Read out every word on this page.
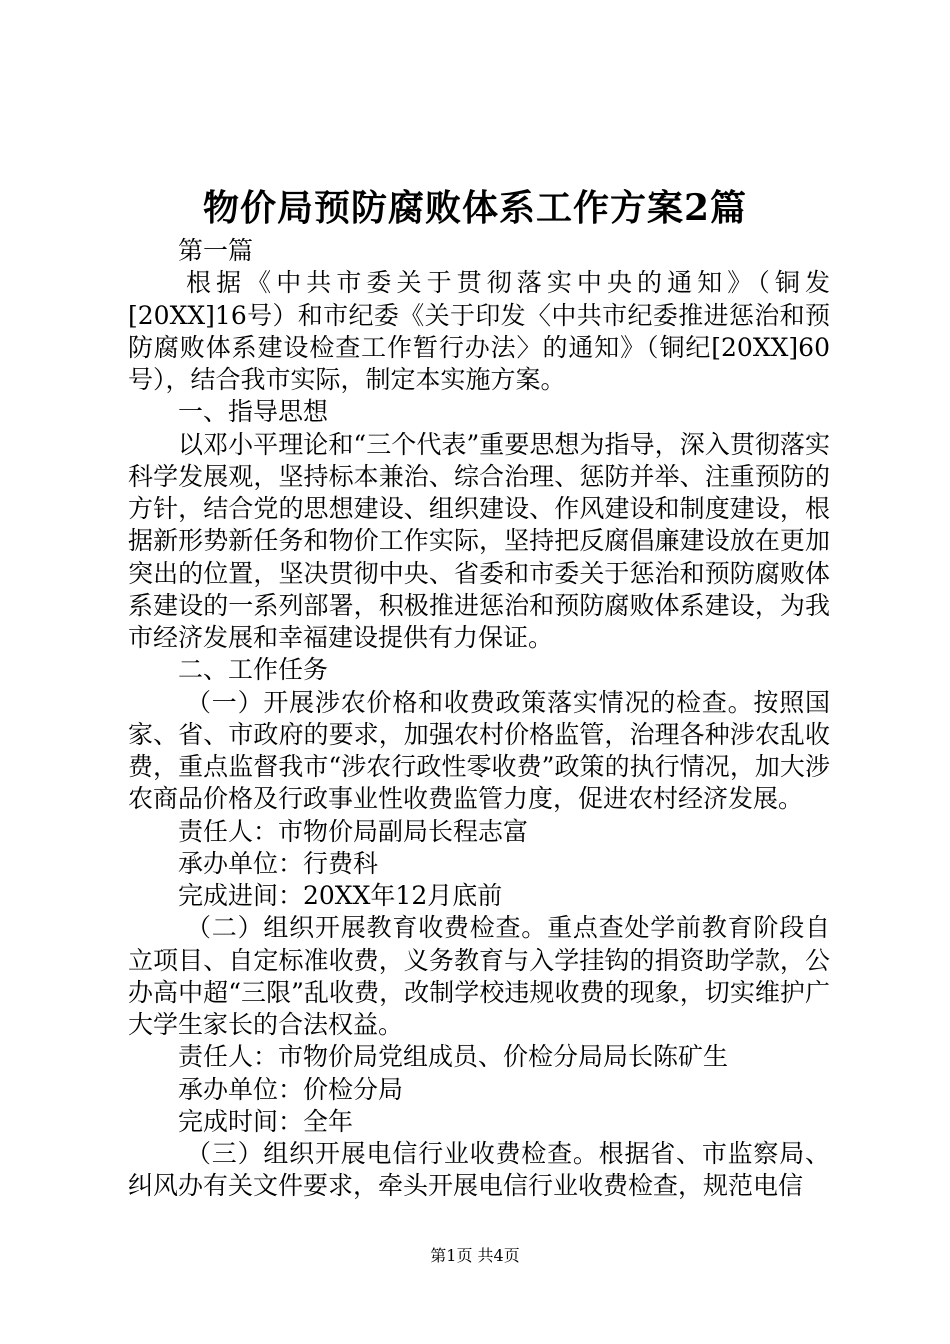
物价局预防腐败体系工作方案2篇

第一篇

根据《中共市委关于贯彻落实中央的通知》（铜发[20XX]16号）和市纪委《关于印发〈中共市纪委推进惩治和预防腐败体系建设检查工作暂行办法〉的通知》（铜纪[20XX]60号），结合我市实际，制定本实施方案。

一、指导思想

以邓小平理论和“三个代表”重要思想为指导，深入贯彻落实科学发展观，坚持标本兼治、综合治理、惩防并举、注重预防的方针，结合党的思想建设、组织建设、作风建设和制度建设，根据新形势新任务和物价工作实际，坚持把反腐倡廉建设放在更加突出的位置，坚决贯彻中央、省委和市委关于惩治和预防腐败体系建设的一系列部署，积极推进惩治和预防腐败体系建设，为我市经济发展和幸福建设提供有力保证。

二、工作任务

（一）开展涉农价格和收费政策落实情况的检查。按照国家、省、市政府的要求，加强农村价格监管，治理各种涉农乱收费，重点监督我市“涉农行政性零收费”政策的执行情况，加大涉农商品价格及行政事业性收费监管力度，促进农村经济发展。

责任人：市物价局副局长程志富

承办单位：行费科

完成进间：20XX年12月底前

（二）组织开展教育收费检查。重点查处学前教育阶段自立项目、自定标准收费，义务教育与入学挂钩的捐资助学款，公办高中超“三限”乱收费，改制学校违规收费的现象，切实维护广大学生家长的合法权益。

责任人：市物价局党组成员、价检分局局长陈矿生

承办单位：价检分局

完成时间：全年

（三）组织开展电信行业收费检查。根据省、市监察局、纠风办有关文件要求，牵头开展电信行业收费检查，规范电信

第1页 共4页
